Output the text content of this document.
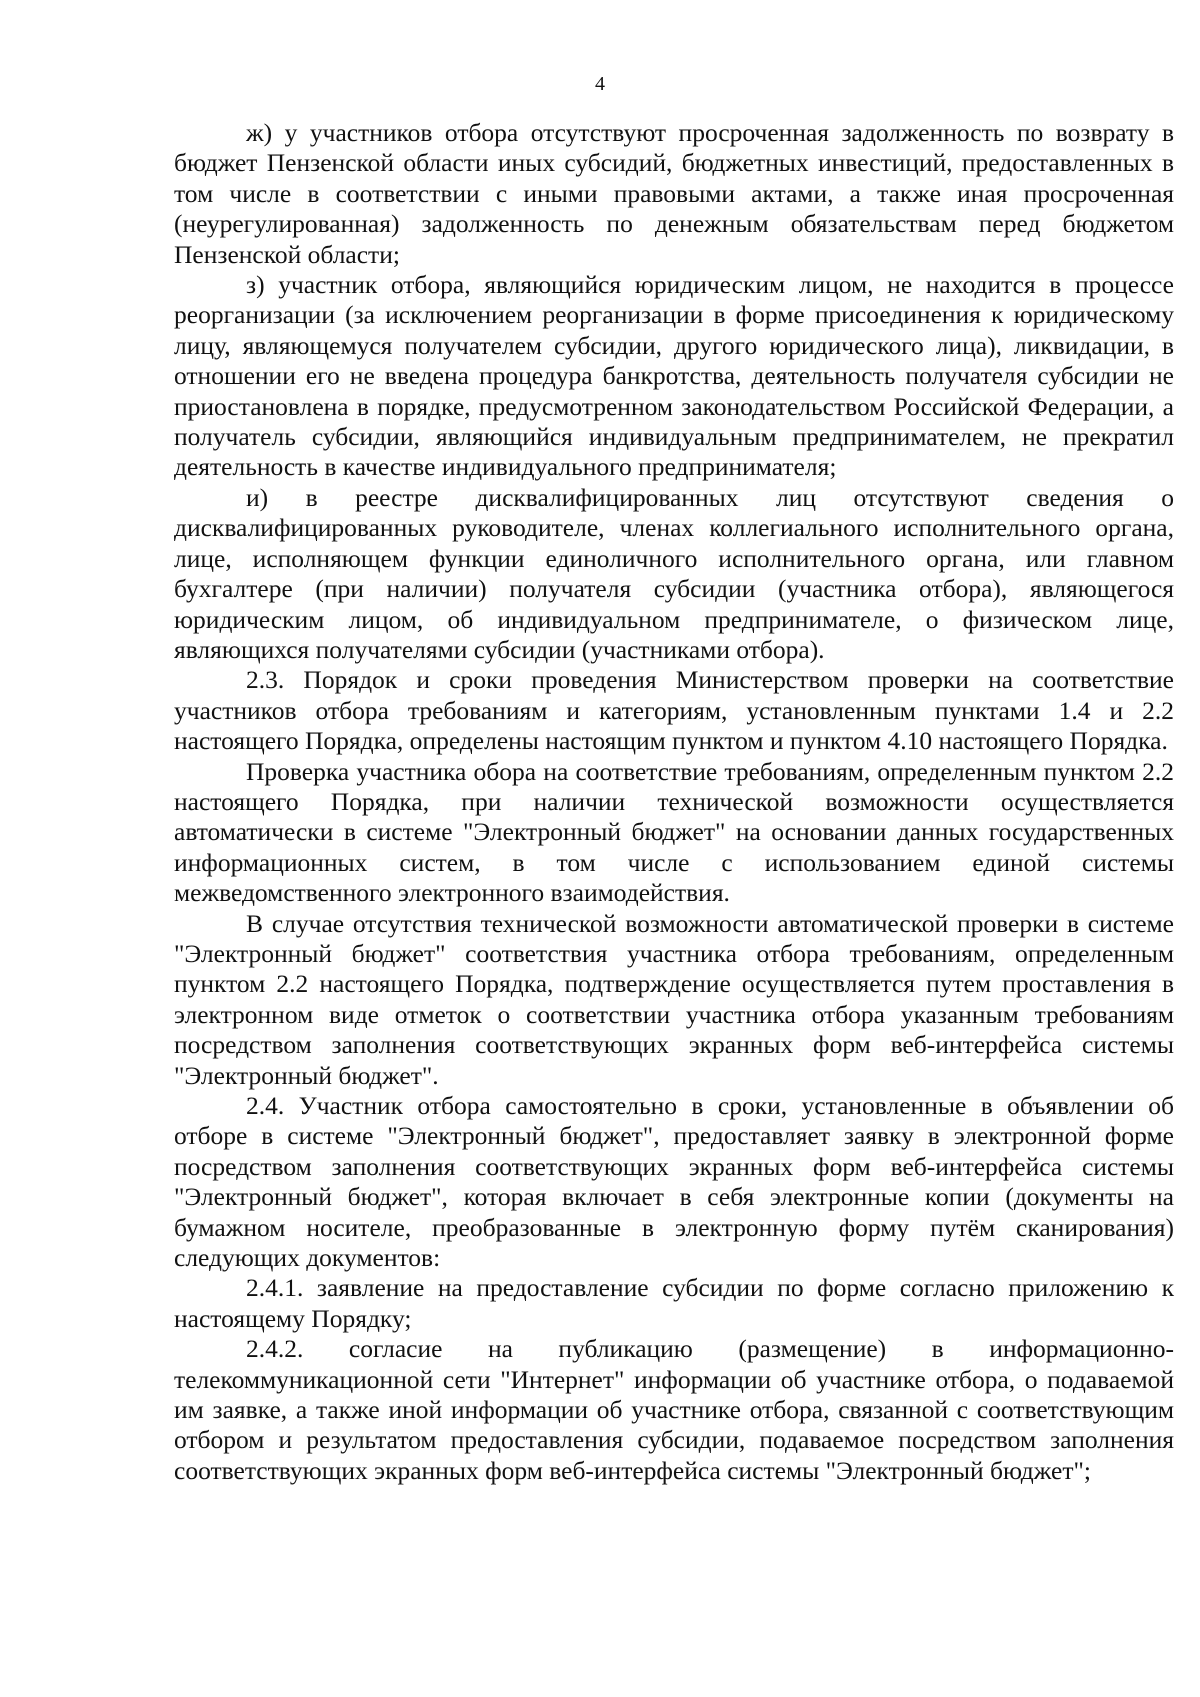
4

ж) у участников отбора отсутствуют просроченная задолженность по возврату в бюджет Пензенской области иных субсидий, бюджетных инвестиций, предоставленных в том числе в соответствии с иными правовыми актами, а также иная просроченная (неурегулированная) задолженность по денежным обязательствам перед бюджетом Пензенской области;

з) участник отбора, являющийся юридическим лицом, не находится в процессе реорганизации (за исключением реорганизации в форме присоединения к юридическому лицу, являющемуся получателем субсидии, другого юридического лица), ликвидации, в отношении его не введена процедура банкротства, деятельность получателя субсидии не приостановлена в порядке, предусмотренном законодательством Российской Федерации, а получатель субсидии, являющийся индивидуальным предпринимателем, не прекратил деятельность в качестве индивидуального предпринимателя;

и) в реестре дисквалифицированных лиц отсутствуют сведения о дисквалифицированных руководителе, членах коллегиального исполнительного органа, лице, исполняющем функции единоличного исполнительного органа, или главном бухгалтере (при наличии) получателя субсидии (участника отбора), являющегося юридическим лицом, об индивидуальном предпринимателе, о физическом лице, являющихся получателями субсидии (участниками отбора).

2.3. Порядок и сроки проведения Министерством проверки на соответствие участников отбора требованиям и категориям, установленным пунктами 1.4 и 2.2 настоящего Порядка, определены настоящим пунктом и пунктом 4.10 настоящего Порядка.

Проверка участника обора на соответствие требованиям, определенным пунктом 2.2 настоящего Порядка, при наличии технической возможности осуществляется автоматически в системе "Электронный бюджет" на основании данных государственных информационных систем, в том числе с использованием единой системы межведомственного электронного взаимодействия.

В случае отсутствия технической возможности автоматической проверки в системе "Электронный бюджет" соответствия участника отбора требованиям, определенным пунктом 2.2 настоящего Порядка, подтверждение осуществляется путем проставления в электронном виде отметок о соответствии участника отбора указанным требованиям посредством заполнения соответствующих экранных форм веб-интерфейса системы "Электронный бюджет".

2.4. Участник отбора самостоятельно в сроки, установленные в объявлении об отборе в системе "Электронный бюджет", предоставляет заявку в электронной форме посредством заполнения соответствующих экранных форм веб-интерфейса системы "Электронный бюджет", которая включает в себя электронные копии (документы на бумажном носителе, преобразованные в электронную форму путём сканирования) следующих документов:

2.4.1. заявление на предоставление субсидии по форме согласно приложению к настоящему Порядку;

2.4.2. согласие на публикацию (размещение) в информационно-телекоммуникационной сети "Интернет" информации об участнике отбора, о подаваемой им заявке, а также иной информации об участнике отбора, связанной с соответствующим отбором и результатом предоставления субсидии, подаваемое посредством заполнения соответствующих экранных форм веб-интерфейса системы "Электронный бюджет";
